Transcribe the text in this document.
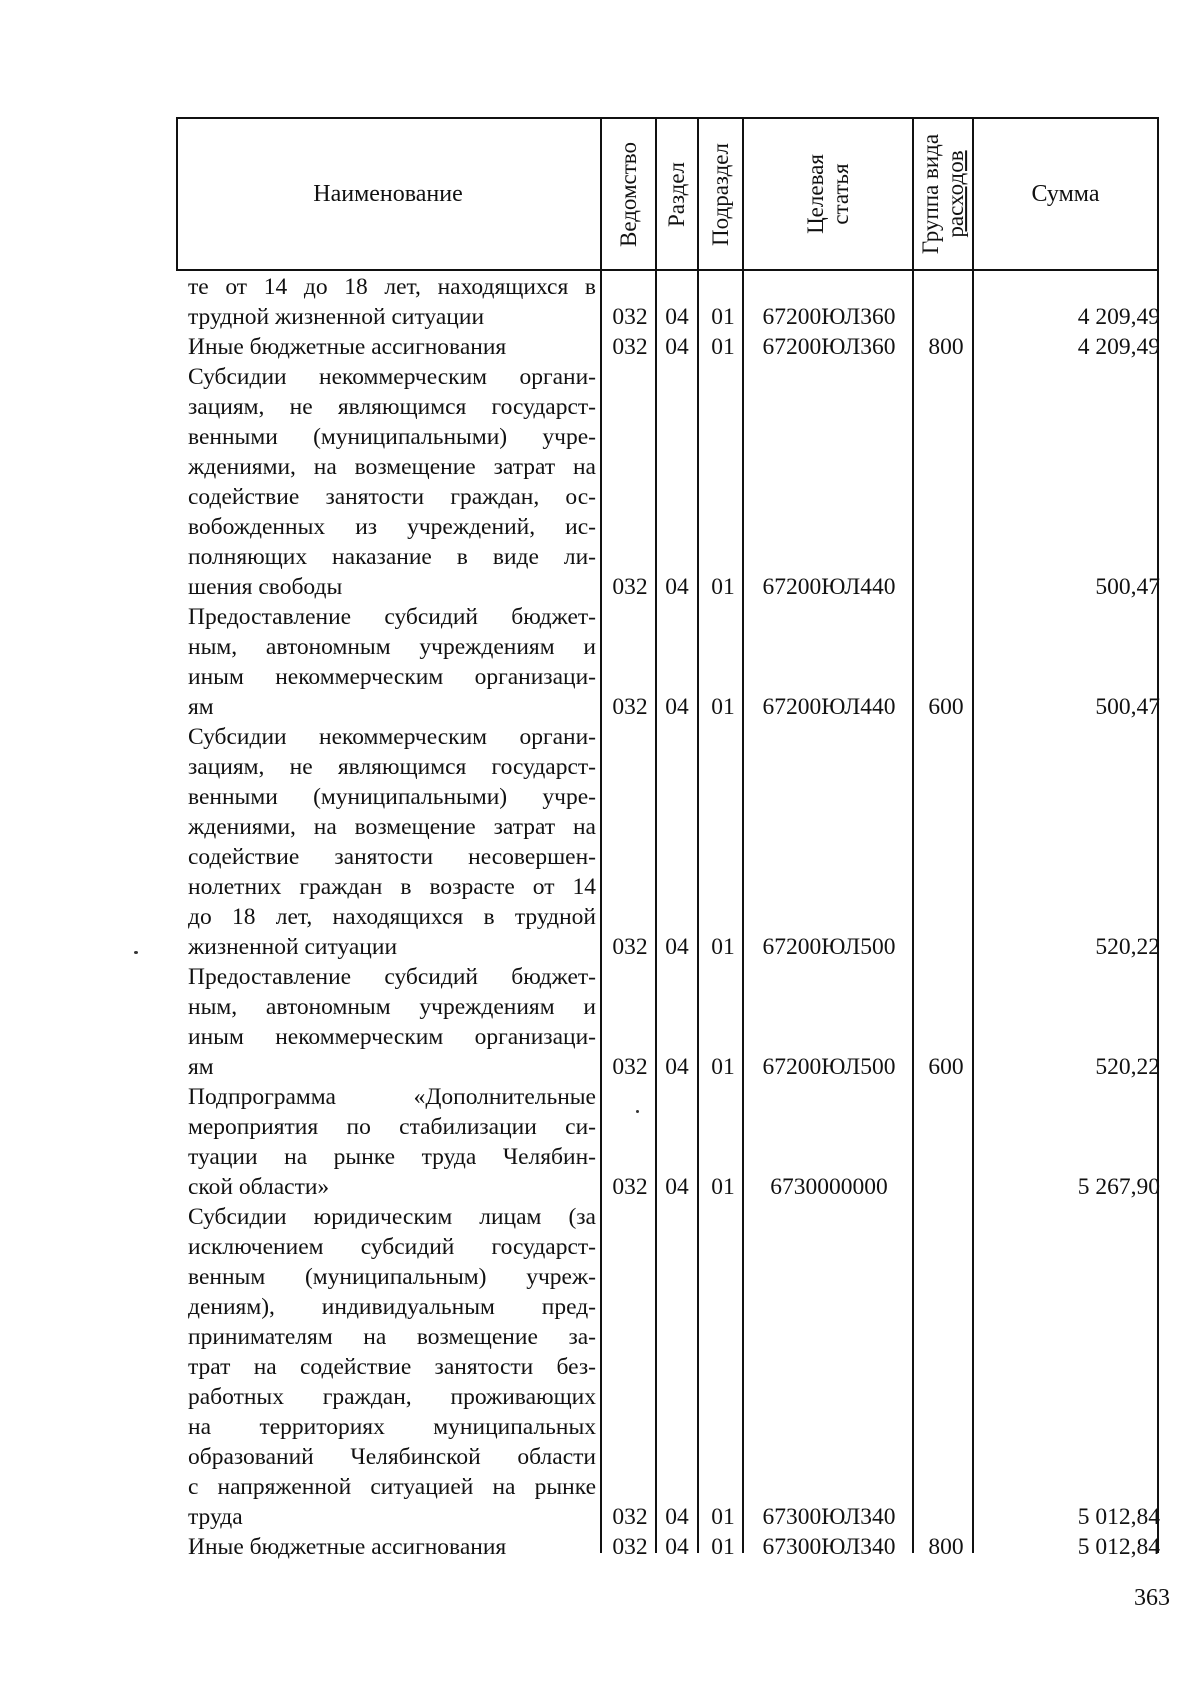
Наименование	Ведомство Раздел Подраздел	Целевая статья	Группа вида расходов	Сумма
те от 14 до 18 лет, находящихся в
трудной жизненной ситуации	032 04 01	67200ЮЛ360	4 209,49
Иные бюджетные ассигнования	032 04 01	67200ЮЛ360	800	4 209,49
Субсидии некоммерческим органи-
зациям, не являющимся государст-
венными (муниципальными) учре-
ждениями, на возмещение затрат на
содействие занятости граждан, ос-
вобожденных из учреждений, ис-
полняющих наказание в виде ли-
шения свободы	032 04 01	67200ЮЛ440	500,47
Предоставление субсидий бюджет-
ным, автономным учреждениям и
иным некоммерческим организаци-
ям	032 04 01	67200ЮЛ440	600	500,47
Субсидии некоммерческим органи-
зациям, не являющимся государст-
венными (муниципальными) учре-
ждениями, на возмещение затрат на
содействие занятости несовершен-
нолетних граждан в возрасте от 14
до 18 лет, находящихся в трудной
жизненной ситуации	032 04 01	67200ЮЛ500	520,22
Предоставление субсидий бюджет-
ным, автономным учреждениям и
иным некоммерческим организаци-
ям	032 04 01	67200ЮЛ500	600	520,22
Подпрограмма «Дополнительные
мероприятия по стабилизации си-
туации на рынке труда Челябин-
ской области»	032 04 01	6730000000	5 267,90
Субсидии юридическим лицам (за
исключением субсидий государст-
венным (муниципальным) учреж-
дениям), индивидуальным пред-
принимателям на возмещение за-
трат на содействие занятости без-
работных граждан, проживающих
на территориях муниципальных
образований Челябинской области
с напряженной ситуацией на рынке
труда	032 04 01	67300ЮЛ340	5 012,84
Иные бюджетные ассигнования	032 04 01	67300ЮЛ340	800	5 012,84
363
